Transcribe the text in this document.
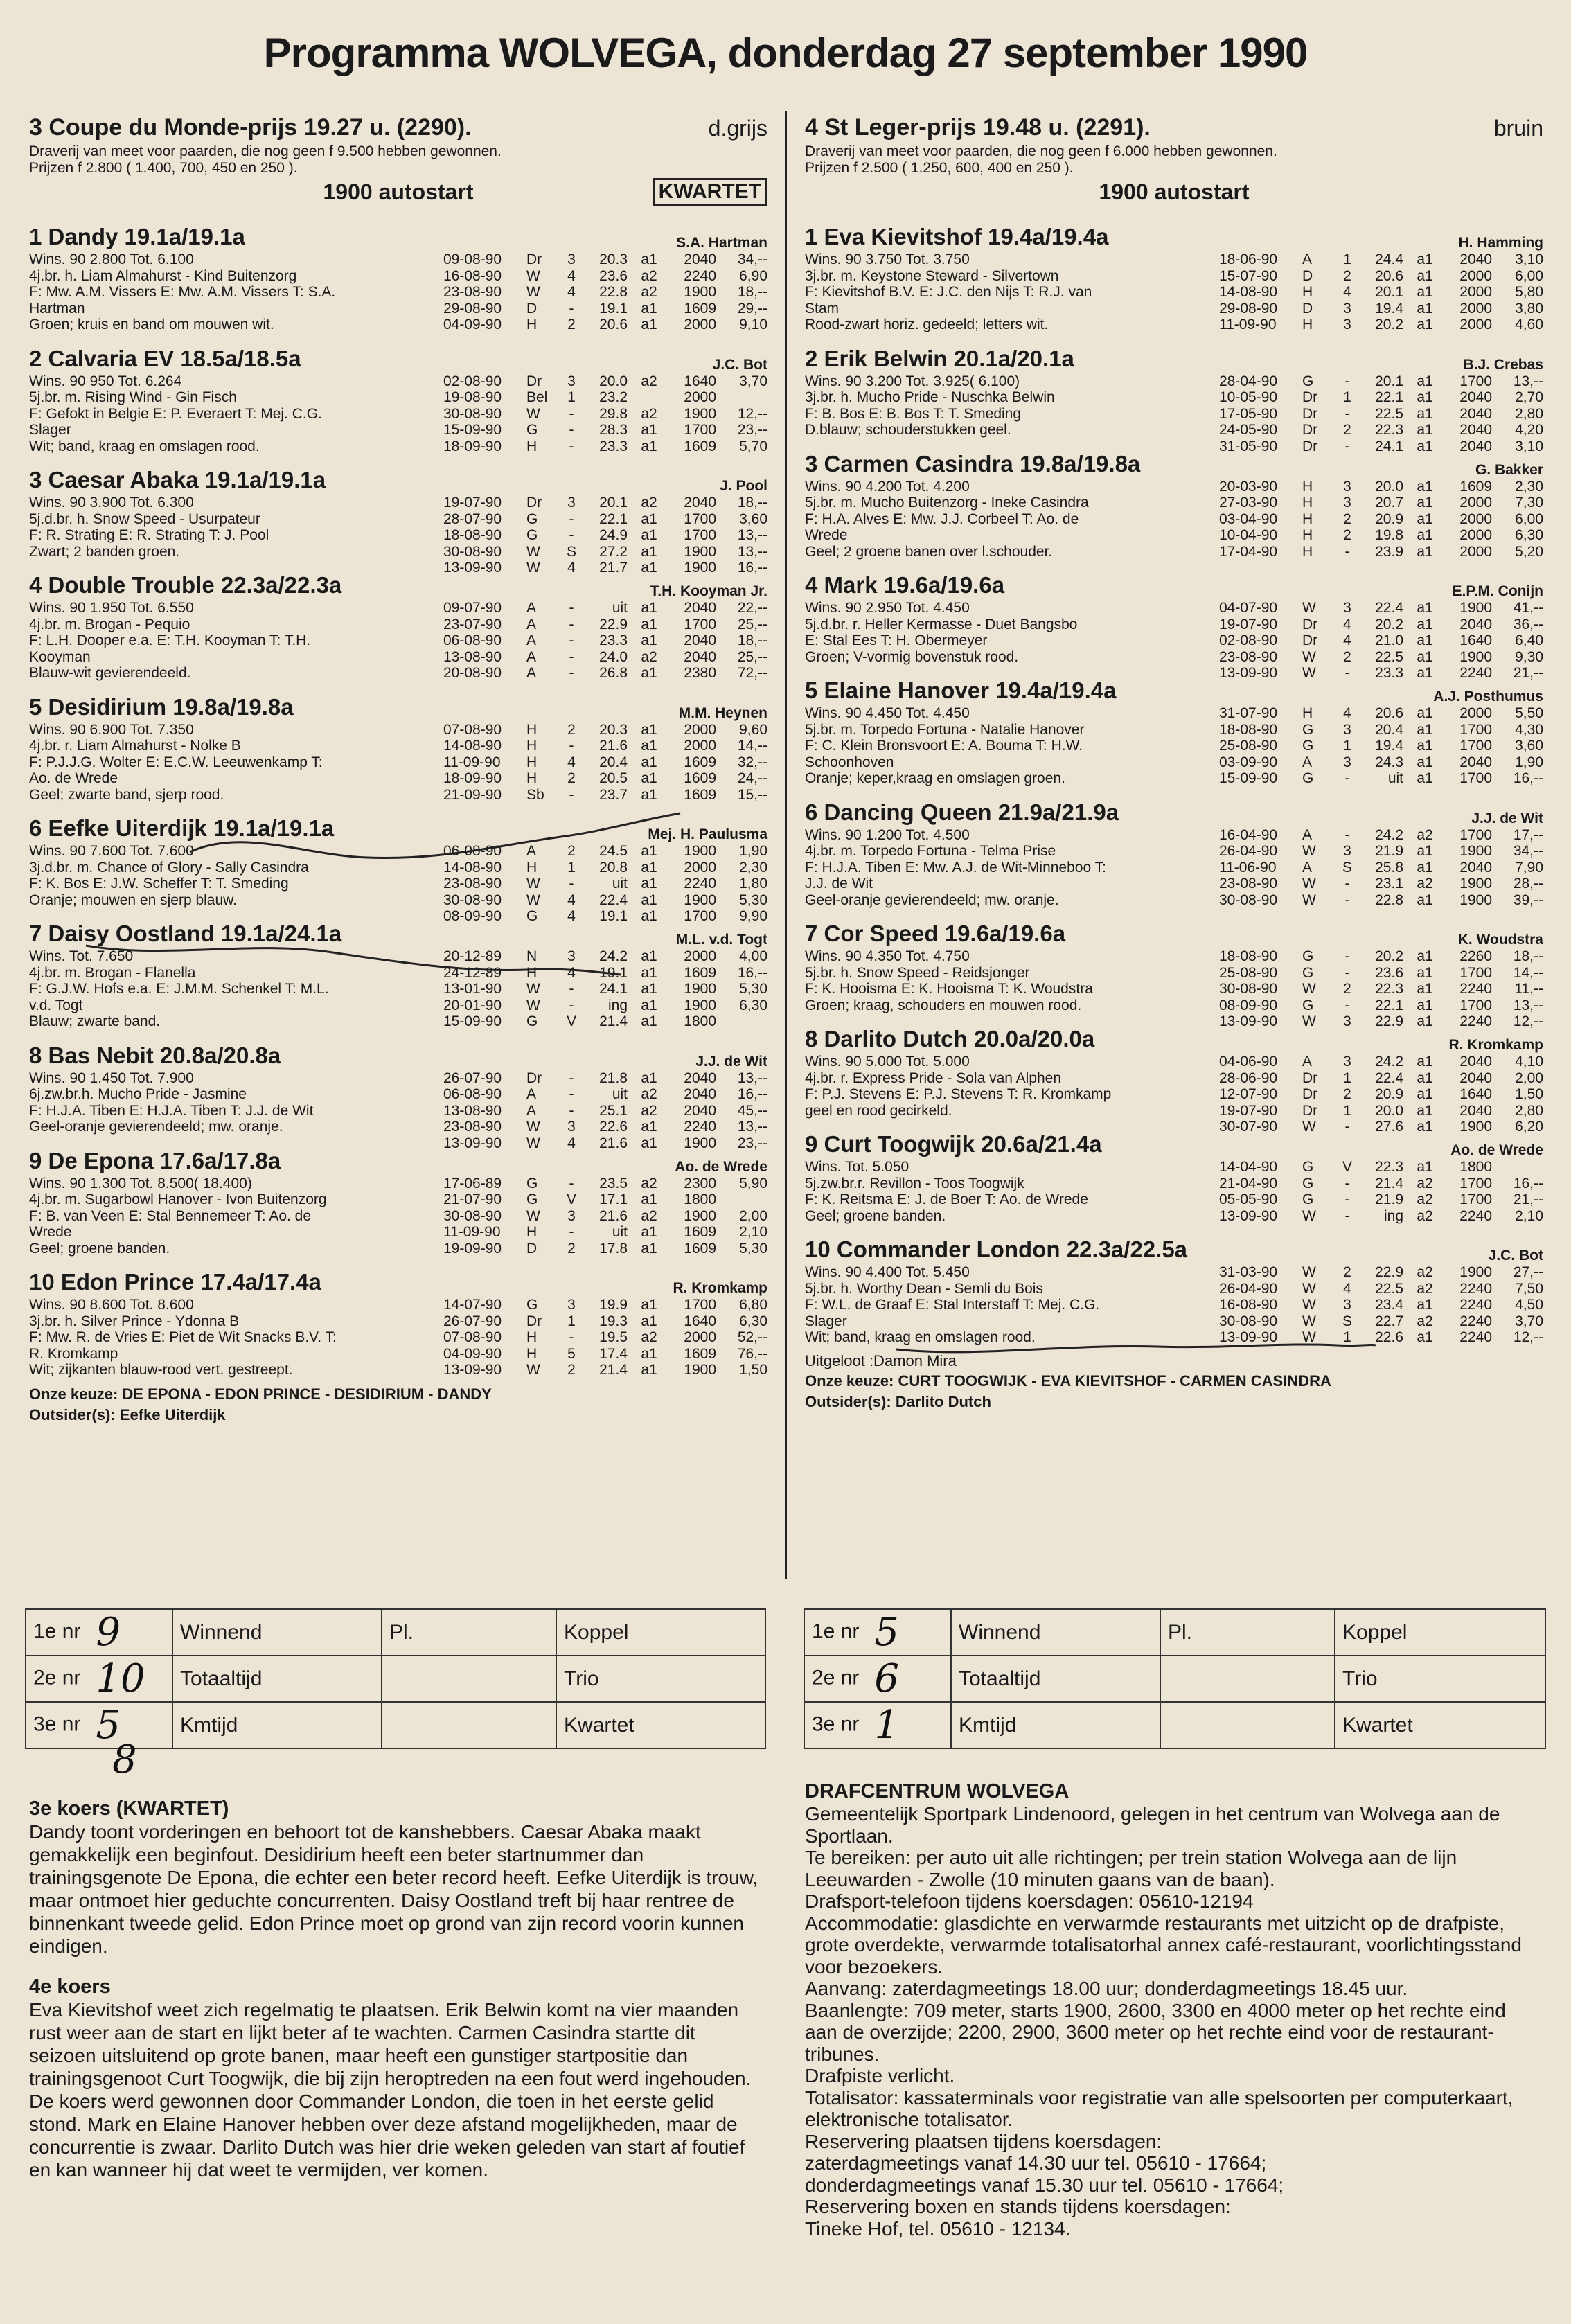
Programma WOLVEGA, donderdag 27 september 1990
3 Coupe du Monde-prijs 19.27 u. (2290).	d.grijs
Draverij van meet voor paarden, die nog geen f 9.500 hebben gewonnen.
Prijzen f 2.800 ( 1.400, 700, 450 en 250 ).
1900 autostart	KWARTET
1 Dandy 19.1a/19.1a	S.A. Hartman
Wins. 90 2.800 Tot. 6.100
4j.br. h. Liam Almahurst - Kind Buitenzorg
F: Mw. A.M. Vissers E: Mw. A.M. Vissers T: S.A.
Hartman
Groen; kruis en band om mouwen wit.
09-08-90	Dr	3	20.3 a1	2040	34,--
16-08-90	W	4	23.6 a2	2240	6,90
23-08-90	W	4	22.8 a2	1900	18,--
29-08-90	D	-	19.1 a1	1609	29,--
04-09-90	H	2	20.6 a1	2000	9,10
2 Calvaria EV 18.5a/18.5a	J.C. Bot
Wins. 90 950 Tot. 6.264
5j.br. m. Rising Wind - Gin Fisch
F: Gefokt in Belgie E: P. Everaert T: Mej. C.G.
Slager
Wit; band, kraag en omslagen rood.
02-08-90	Dr	3	20.0 a2	1640	3,70
19-08-90	Bel	1	23.2	2000
30-08-90	W	-	29.8 a2	1900	12,--
15-09-90	G	-	28.3 a1	1700	23,--
18-09-90	H	-	23.3 a1	1609	5,70
3 Caesar Abaka 19.1a/19.1a	J. Pool
Wins. 90 3.900 Tot. 6.300
5j.d.br. h. Snow Speed - Usurpateur
F: R. Strating E: R. Strating T: J. Pool
Zwart; 2 banden groen.
19-07-90	Dr	3	20.1 a2	2040	18,--
28-07-90	G	-	22.1 a1	1700	3,60
18-08-90	G	-	24.9 a1	1700	13,--
30-08-90	W	S	27.2 a1	1900	13,--
13-09-90	W	4	21.7 a1	1900	16,--
4 Double Trouble 22.3a/22.3a	T.H. Kooyman Jr.
Wins. 90 1.950 Tot. 6.550
4j.br. m. Brogan - Pequio
F: L.H. Dooper e.a. E: T.H. Kooyman T: T.H.
Kooyman
Blauw-wit gevierendeeld.
09-07-90	A	-	uit a1	2040	22,--
23-07-90	A	-	22.9 a1	1700	25,--
06-08-90	A	-	23.3 a1	2040	18,--
13-08-90	A	-	24.0 a2	2040	25,--
20-08-90	A	-	26.8 a1	2380	72,--
5 Desidirium 19.8a/19.8a	M.M. Heynen
Wins. 90 6.900 Tot. 7.350
4j.br. r. Liam Almahurst - Nolke B
F: P.J.J.G. Wolter E: E.C.W. Leeuwenkamp T:
Ao. de Wrede
Geel; zwarte band, sjerp rood.
07-08-90	H	2	20.3 a1	2000	9,60
14-08-90	H	-	21.6 a1	2000	14,--
11-09-90	H	4	20.4 a1	1609	32,--
18-09-90	H	2	20.5 a1	1609	24,--
21-09-90	Sb	-	23.7 a1	1609	15,--
6 Eefke Uiterdijk 19.1a/19.1a	Mej. H. Paulusma
Wins. 90 7.600 Tot. 7.600
3j.d.br. m. Chance of Glory - Sally Casindra
F: K. Bos E: J.W. Scheffer T: T. Smeding
Oranje; mouwen en sjerp blauw.
06-08-90	A	2	24.5 a1	1900	1,90
14-08-90	H	1	20.8 a1	2000	2,30
23-08-90	W	-	uit a1	2240	1,80
30-08-90	W	4	22.4 a1	1900	5,30
08-09-90	G	4	19.1 a1	1700	9,90
7 Daisy Oostland 19.1a/24.1a	M.L. v.d. Togt
Wins. Tot. 7.650
4j.br. m. Brogan - Flanella
F: G.J.W. Hofs e.a. E: J.M.M. Schenkel T: M.L.
v.d. Togt
Blauw; zwarte band.
20-12-89	N	3	24.2 a1	2000	4,00
24-12-89	H	4	19.1 a1	1609	16,--
13-01-90	W	-	24.1 a1	1900	5,30
20-01-90	W	-	ing a1	1900	6,30
15-09-90	G	V	21.4 a1	1800
8 Bas Nebit 20.8a/20.8a	J.J. de Wit
Wins. 90 1.450 Tot. 7.900
6j.zw.br.h. Mucho Pride - Jasmine
F: H.J.A. Tiben E: H.J.A. Tiben T: J.J. de Wit
Geel-oranje gevierendeeld; mw. oranje.
26-07-90	Dr	-	21.8 a1	2040	13,--
06-08-90	A	-	uit a2	2040	16,--
13-08-90	A	-	25.1 a2	2040	45,--
23-08-90	W	3	22.6 a1	2240	13,--
13-09-90	W	4	21.6 a1	1900	23,--
9 De Epona 17.6a/17.8a	Ao. de Wrede
Wins. 90 1.300 Tot. 8.500( 18.400)
4j.br. m. Sugarbowl Hanover - Ivon Buitenzorg
F: B. van Veen E: Stal Bennemeer T: Ao. de
Wrede
Geel; groene banden.
17-06-89	G	-	23.5 a2	2300	5,90
21-07-90	G	V	17.1 a1	1800
30-08-90	W	3	21.6 a2	1900	2,00
11-09-90	H	-	uit a1	1609	2,10
19-09-90	D	2	17.8 a1	1609	5,30
10 Edon Prince 17.4a/17.4a	R. Kromkamp
Wins. 90 8.600 Tot. 8.600
3j.br. h. Silver Prince - Ydonna B
F: Mw. R. de Vries E: Piet de Wit Snacks B.V. T:
R. Kromkamp
Wit; zijkanten blauw-rood vert. gestreept.
14-07-90	G	3	19.9 a1	1700	6,80
26-07-90	Dr	1	19.3 a1	1640	6,30
07-08-90	H	-	19.5 a2	2000	52,--
04-09-90	H	5	17.4 a1	1609	76,--
13-09-90	W	2	21.4 a1	1900	1,50
Onze keuze: DE EPONA - EDON PRINCE - DESIDIRIUM - DANDY
Outsider(s): Eefke Uiterdijk
4 St Leger-prijs 19.48 u. (2291).	bruin
Draverij van meet voor paarden, die nog geen f 6.000 hebben gewonnen.
Prijzen f 2.500 ( 1.250, 600, 400 en 250 ).
1900 autostart
1 Eva Kievitshof 19.4a/19.4a	H. Hamming
Wins. 90 3.750 Tot. 3.750
3j.br. m. Keystone Steward - Silvertown
F: Kievitshof B.V. E: J.C. den Nijs T: R.J. van
Stam
Rood-zwart horiz. gedeeld; letters wit.
18-06-90	A	1	24.4 a1	2040	3,10
15-07-90	D	2	20.6 a1	2000	6,00
14-08-90	H	4	20.1 a1	2000	5,80
29-08-90	D	3	19.4 a1	2000	3,80
11-09-90	H	3	20.2 a1	2000	4,60
2 Erik Belwin 20.1a/20.1a	B.J. Crebas
Wins. 90 3.200 Tot. 3.925( 6.100)
3j.br. h. Mucho Pride - Nuschka Belwin
F: B. Bos E: B. Bos T: T. Smeding
D.blauw; schouderstukken geel.
28-04-90	G	-	20.1 a1	1700	13,--
10-05-90	Dr	1	22.1 a1	2040	2,70
17-05-90	Dr	-	22.5 a1	2040	2,80
24-05-90	Dr	2	22.3 a1	2040	4,20
31-05-90	Dr	-	24.1 a1	2040	3,10
3 Carmen Casindra 19.8a/19.8a	G. Bakker
Wins. 90 4.200 Tot. 4.200
5j.br. m. Mucho Buitenzorg - Ineke Casindra
F: H.A. Alves E: Mw. J.J. Corbeel T: Ao. de
Wrede
Geel; 2 groene banen over l.schouder.
20-03-90	H	3	20.0 a1	1609	2,30
27-03-90	H	3	20.7 a1	2000	7,30
03-04-90	H	2	20.9 a1	2000	6,00
10-04-90	H	2	19.8 a1	2000	6,30
17-04-90	H	-	23.9 a1	2000	5,20
4 Mark 19.6a/19.6a	E.P.M. Conijn
Wins. 90 2.950 Tot. 4.450
5j.d.br. r. Heller Kermasse - Duet Bangsbo
E: Stal Ees T: H. Obermeyer
Groen; V-vormig bovenstuk rood.
04-07-90	W	3	22.4 a1	1900	41,--
19-07-90	Dr	4	20.2 a1	2040	36,--
02-08-90	Dr	4	21.0 a1	1640	6,40
23-08-90	W	2	22.5 a1	1900	9,30
13-09-90	W	-	23.3 a1	2240	21,--
5 Elaine Hanover 19.4a/19.4a	A.J. Posthumus
Wins. 90 4.450 Tot. 4.450
5j.br. m. Torpedo Fortuna - Natalie Hanover
F: C. Klein Bronsvoort E: A. Bouma T: H.W.
Schoonhoven
Oranje; keper,kraag en omslagen groen.
31-07-90	H	4	20.6 a1	2000	5,50
18-08-90	G	3	20.4 a1	1700	4,30
25-08-90	G	1	19.4 a1	1700	3,60
03-09-90	A	3	24.3 a1	2040	1,90
15-09-90	G	-	uit a1	1700	16,--
6 Dancing Queen 21.9a/21.9a	J.J. de Wit
Wins. 90 1.200 Tot. 4.500
4j.br. m. Torpedo Fortuna - Telma Prise
F: H.J.A. Tiben E: Mw. A.J. de Wit-Minneboo T:
J.J. de Wit
Geel-oranje gevierendeeld; mw. oranje.
16-04-90	A	-	24.2 a2	1700	17,--
26-04-90	W	3	21.9 a1	1900	34,--
11-06-90	A	S	25.8 a1	2040	7,90
23-08-90	W	-	23.1 a2	1900	28,--
30-08-90	W	-	22.8 a1	1900	39,--
7 Cor Speed 19.6a/19.6a	K. Woudstra
Wins. 90 4.350 Tot. 4.750
5j.br. h. Snow Speed - Reidsjonger
F: K. Hooisma E: K. Hooisma T: K. Woudstra
Groen; kraag, schouders en mouwen rood.
18-08-90	G	-	20.2 a1	2260	18,--
25-08-90	G	-	23.6 a1	1700	14,--
30-08-90	W	2	22.3 a1	2240	11,--
08-09-90	G	-	22.1 a1	1700	13,--
13-09-90	W	3	22.9 a1	2240	12,--
8 Darlito Dutch 20.0a/20.0a	R. Kromkamp
Wins. 90 5.000 Tot. 5.000
4j.br. r. Express Pride - Sola van Alphen
F: P.J. Stevens E: P.J. Stevens T: R. Kromkamp
geel en rood gecirkeld.
04-06-90	A	3	24.2 a1	2040	4,10
28-06-90	Dr	1	22.4 a1	2040	2,00
12-07-90	Dr	2	20.9 a1	1640	1,50
19-07-90	Dr	1	20.0 a1	2040	2,80
30-07-90	W	-	27.6 a1	1900	6,20
9 Curt Toogwijk 20.6a/21.4a	Ao. de Wrede
Wins. Tot. 5.050
5j.zw.br.r. Revillon - Toos Toogwijk
F: K. Reitsma E: J. de Boer T: Ao. de Wrede
Geel; groene banden.
14-04-90	G	V	22.3 a1	1800
21-04-90	G	-	21.4 a2	1700	16,--
05-05-90	G	-	21.9 a2	1700	21,--
13-09-90	W	-	ing a2	2240	2,10
10 Commander London 22.3a/22.5a	J.C. Bot
Wins. 90 4.400 Tot. 5.450
5j.br. h. Worthy Dean - Semli du Bois
F: W.L. de Graaf E: Stal Interstaff T: Mej. C.G.
Slager
Wit; band, kraag en omslagen rood.
31-03-90	W	2	22.9 a2	1900	27,--
26-04-90	W	4	22.5 a2	2240	7,50
16-08-90	W	3	23.4 a1	2240	4,50
30-08-90	W	S	22.7 a2	2240	3,70
13-09-90	W	1	22.6 a1	2240	12,--
Uitgeloot :Damon Mira
Onze keuze: CURT TOOGWIJK - EVA KIEVITSHOF - CARMEN CASINDRA
Outsider(s): Darlito Dutch
1e nr 9	Winnend	Pl.	Koppel
2e nr 10	Totaaltijd		Trio
3e nr 5	Kmtijd		Kwartet
1e nr 5	Winnend	Pl.	Koppel
2e nr 6	Totaaltijd		Trio
3e nr 1	Kmtijd		Kwartet
8
3e koers (KWARTET)

Dandy toont vorderingen en behoort tot de kanshebbers. Caesar Abaka maakt gemakkelijk een beginfout. Desidirium heeft een beter startnummer dan trainingsgenote De Epona, die echter een beter record heeft. Eefke Uiterdijk is trouw, maar ontmoet hier geduchte concurrenten. Daisy Oostland treft bij haar rentree de binnenkant tweede gelid. Edon Prince moet op grond van zijn record voorin kunnen eindigen.

4e koers

Eva Kievitshof weet zich regelmatig te plaatsen. Erik Belwin komt na vier maanden rust weer aan de start en lijkt beter af te wachten. Carmen Casindra startte dit seizoen uitsluitend op grote banen, maar heeft een gunstiger startpositie dan trainingsgenoot Curt Toogwijk, die bij zijn heroptreden na een fout werd ingehouden. De koers werd gewonnen door Commander London, die toen in het eerste gelid stond. Mark en Elaine Hanover hebben over deze afstand mogelijkheden, maar de concurrentie is zwaar. Darlito Dutch was hier drie weken geleden van start af foutief en kan wanneer hij dat weet te vermijden, ver komen.

DRAFCENTRUM WOLVEGA
Gemeentelijk Sportpark Lindenoord, gelegen in het centrum van Wolvega aan de Sportlaan.
Te bereiken: per auto uit alle richtingen; per trein station Wolvega aan de lijn Leeuwarden - Zwolle (10 minuten gaans van de baan).
Drafsport-telefoon tijdens koersdagen: 05610-12194
Accommodatie: glasdichte en verwarmde restaurants met uitzicht op de drafpiste, grote overdekte, verwarmde totalisatorhal annex café-restaurant, voorlichtingsstand voor bezoekers.
Aanvang: zaterdagmeetings 18.00 uur; donderdagmeetings 18.45 uur.
Baanlengte: 709 meter, starts 1900, 2600, 3300 en 4000 meter op het rechte eind aan de overzijde; 2200, 2900, 3600 meter op het rechte eind voor de restaurant-tribunes.
Drafpiste verlicht.
Totalisator: kassaterminals voor registratie van alle spelsoorten per computerkaart, elektronische totalisator.
Reservering plaatsen tijdens koersdagen:
zaterdagmeetings vanaf 14.30 uur tel. 05610 - 17664;
donderdagmeetings vanaf 15.30 uur tel. 05610 - 17664;
Reservering boxen en stands tijdens koersdagen:
Tineke Hof, tel. 05610 - 12134.
